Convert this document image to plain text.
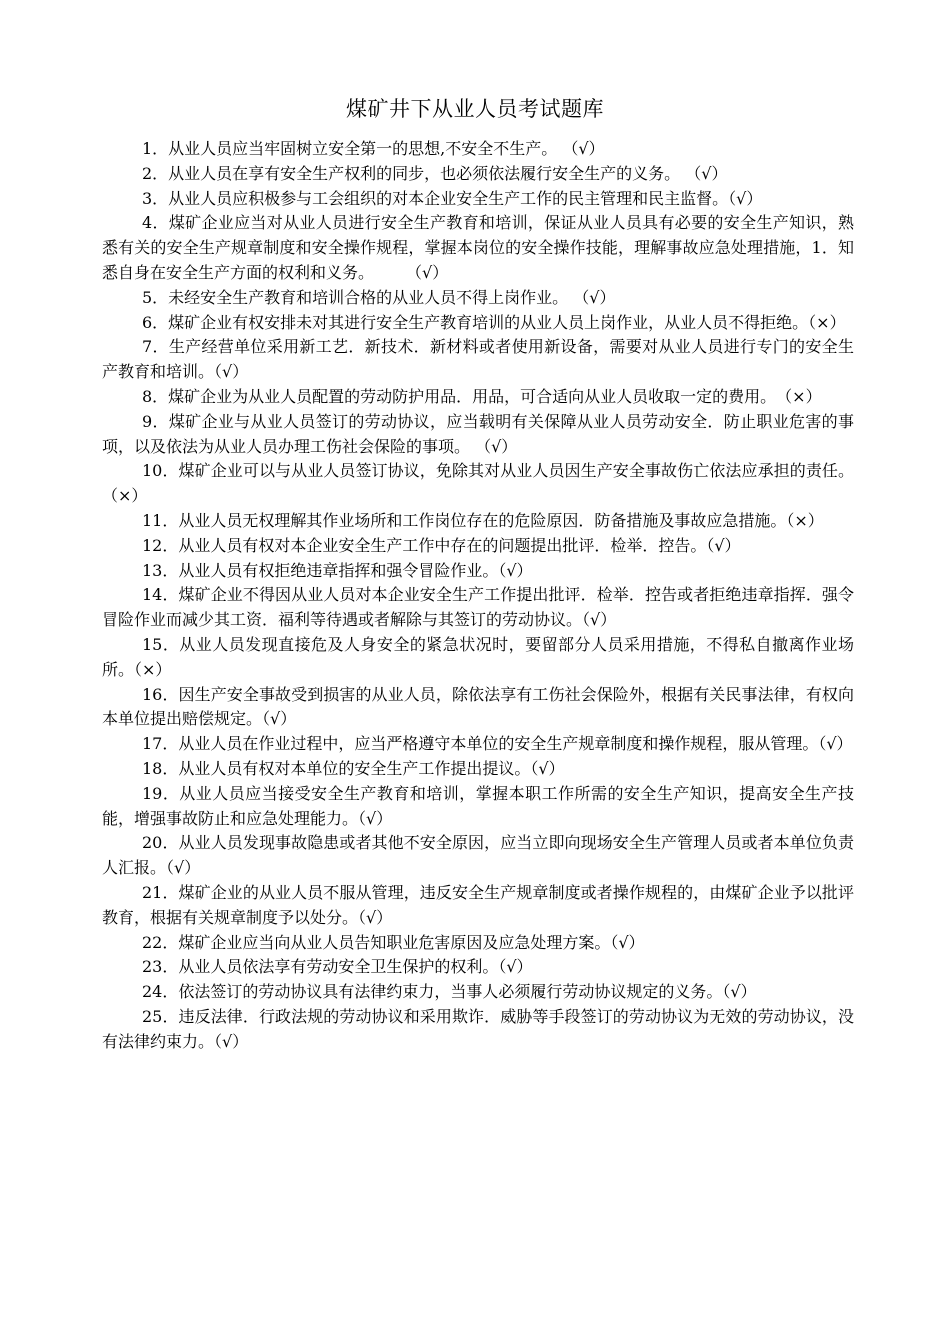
煤矿井下从业人员考试题库

1．从业人员应当牢固树立安全第一的思想,不安全不生产。 （√）

2．从业人员在享有安全生产权利的同步，也必须依法履行安全生产的义务。 （√）

3．从业人员应积极参与工会组织的对本企业安全生产工作的民主管理和民主监督。（√）

4．煤矿企业应当对从业人员进行安全生产教育和培训，保证从业人员具有必要的安全生产知识，熟悉有关的安全生产规章制度和安全操作规程，掌握本岗位的安全操作技能，理解事故应急处理措施，1．知悉自身在安全生产方面的权利和义务。　　　（√）

5．未经安全生产教育和培训合格的从业人员不得上岗作业。 （√）

6．煤矿企业有权安排未对其进行安全生产教育培训的从业人员上岗作业，从业人员不得拒绝。（×）

7．生产经营单位采用新工艺．新技术．新材料或者使用新设备，需要对从业人员进行专门的安全生产教育和培训。（√）

8．煤矿企业为从业人员配置的劳动防护用品．用品，可合适向从业人员收取一定的费用。　（×）

9．煤矿企业与从业人员签订的劳动协议，应当载明有关保障从业人员劳动安全．防止职业危害的事项，以及依法为从业人员办理工伤社会保险的事项。 （√）

10．煤矿企业可以与从业人员签订协议，免除其对从业人员因生产安全事故伤亡依法应承担的责任。（×）

11．从业人员无权理解其作业场所和工作岗位存在的危险原因．防备措施及事故应急措施。（×）

12．从业人员有权对本企业安全生产工作中存在的问题提出批评．检举．控告。（√）

13．从业人员有权拒绝违章指挥和强令冒险作业。（√）

14．煤矿企业不得因从业人员对本企业安全生产工作提出批评．检举．控告或者拒绝违章指挥．强令冒险作业而减少其工资．福利等待遇或者解除与其签订的劳动协议。（√）

15．从业人员发现直接危及人身安全的紧急状况时，要留部分人员采用措施，不得私自撤离作业场所。（×）

16．因生产安全事故受到损害的从业人员，除依法享有工伤社会保险外，根据有关民事法律，有权向本单位提出赔偿规定。（√）

17．从业人员在作业过程中，应当严格遵守本单位的安全生产规章制度和操作规程，服从管理。（√）

18．从业人员有权对本单位的安全生产工作提出提议。（√）

19．从业人员应当接受安全生产教育和培训，掌握本职工作所需的安全生产知识，提高安全生产技能，增强事故防止和应急处理能力。（√）

20．从业人员发现事故隐患或者其他不安全原因，应当立即向现场安全生产管理人员或者本单位负责人汇报。（√）

21．煤矿企业的从业人员不服从管理，违反安全生产规章制度或者操作规程的，由煤矿企业予以批评教育，根据有关规章制度予以处分。（√）

22．煤矿企业应当向从业人员告知职业危害原因及应急处理方案。（√）

23．从业人员依法享有劳动安全卫生保护的权利。（√）

24．依法签订的劳动协议具有法律约束力，当事人必须履行劳动协议规定的义务。（√）

25．违反法律．行政法规的劳动协议和采用欺诈．威胁等手段签订的劳动协议为无效的劳动协议，没有法律约束力。（√）
